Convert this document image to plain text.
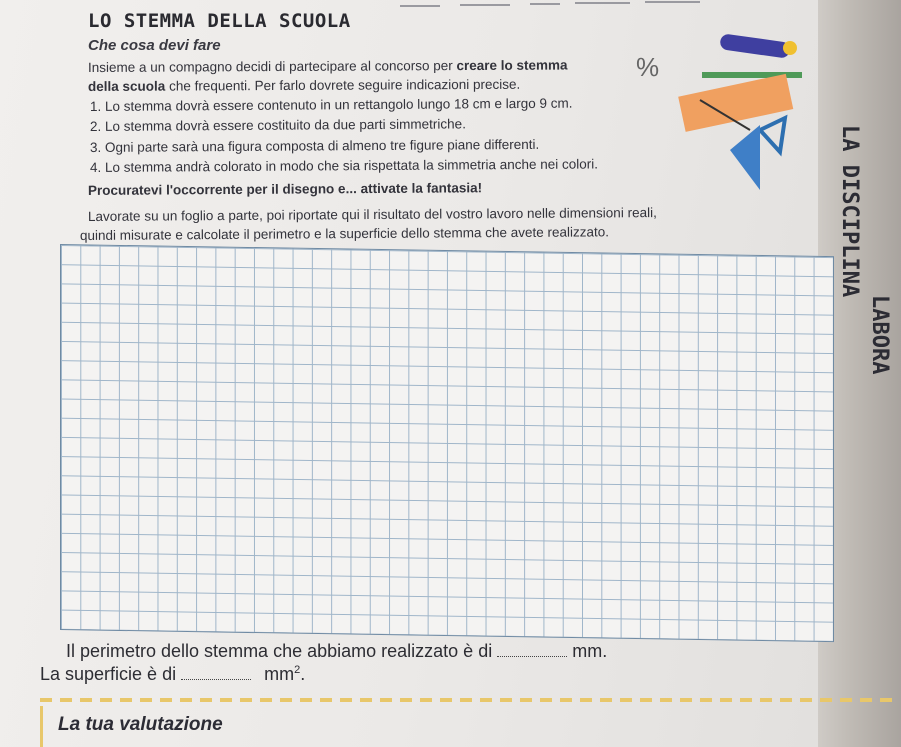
LO STEMMA DELLA SCUOLA
Che cosa devi fare
Insieme a un compagno decidi di partecipare al concorso per creare lo stemma
della scuola che frequenti. Per farlo dovrete seguire indicazioni precise.
1. Lo stemma dovrà essere contenuto in un rettangolo lungo 18 cm e largo 9 cm.
2. Lo stemma dovrà essere costituito da due parti simmetriche.
3. Ogni parte sarà una figura composta di almeno tre figure piane differenti.
4. Lo stemma andrà colorato in modo che sia rispettata la simmetria anche nei colori.
Procuratevi l'occorrente per il disegno e... attivate la fantasia!
Lavorate su un foglio a parte, poi riportate qui il risultato del vostro lavoro nelle dimensioni reali,
quindi misurate e calcolate il perimetro e la superficie dello stemma che avete realizzato.
%
LA DISCIPLINA
LABORA
Il perimetro dello stemma che abbiamo realizzato è di	mm.
La superficie è di	$mm^2$.
La tua valutazione
